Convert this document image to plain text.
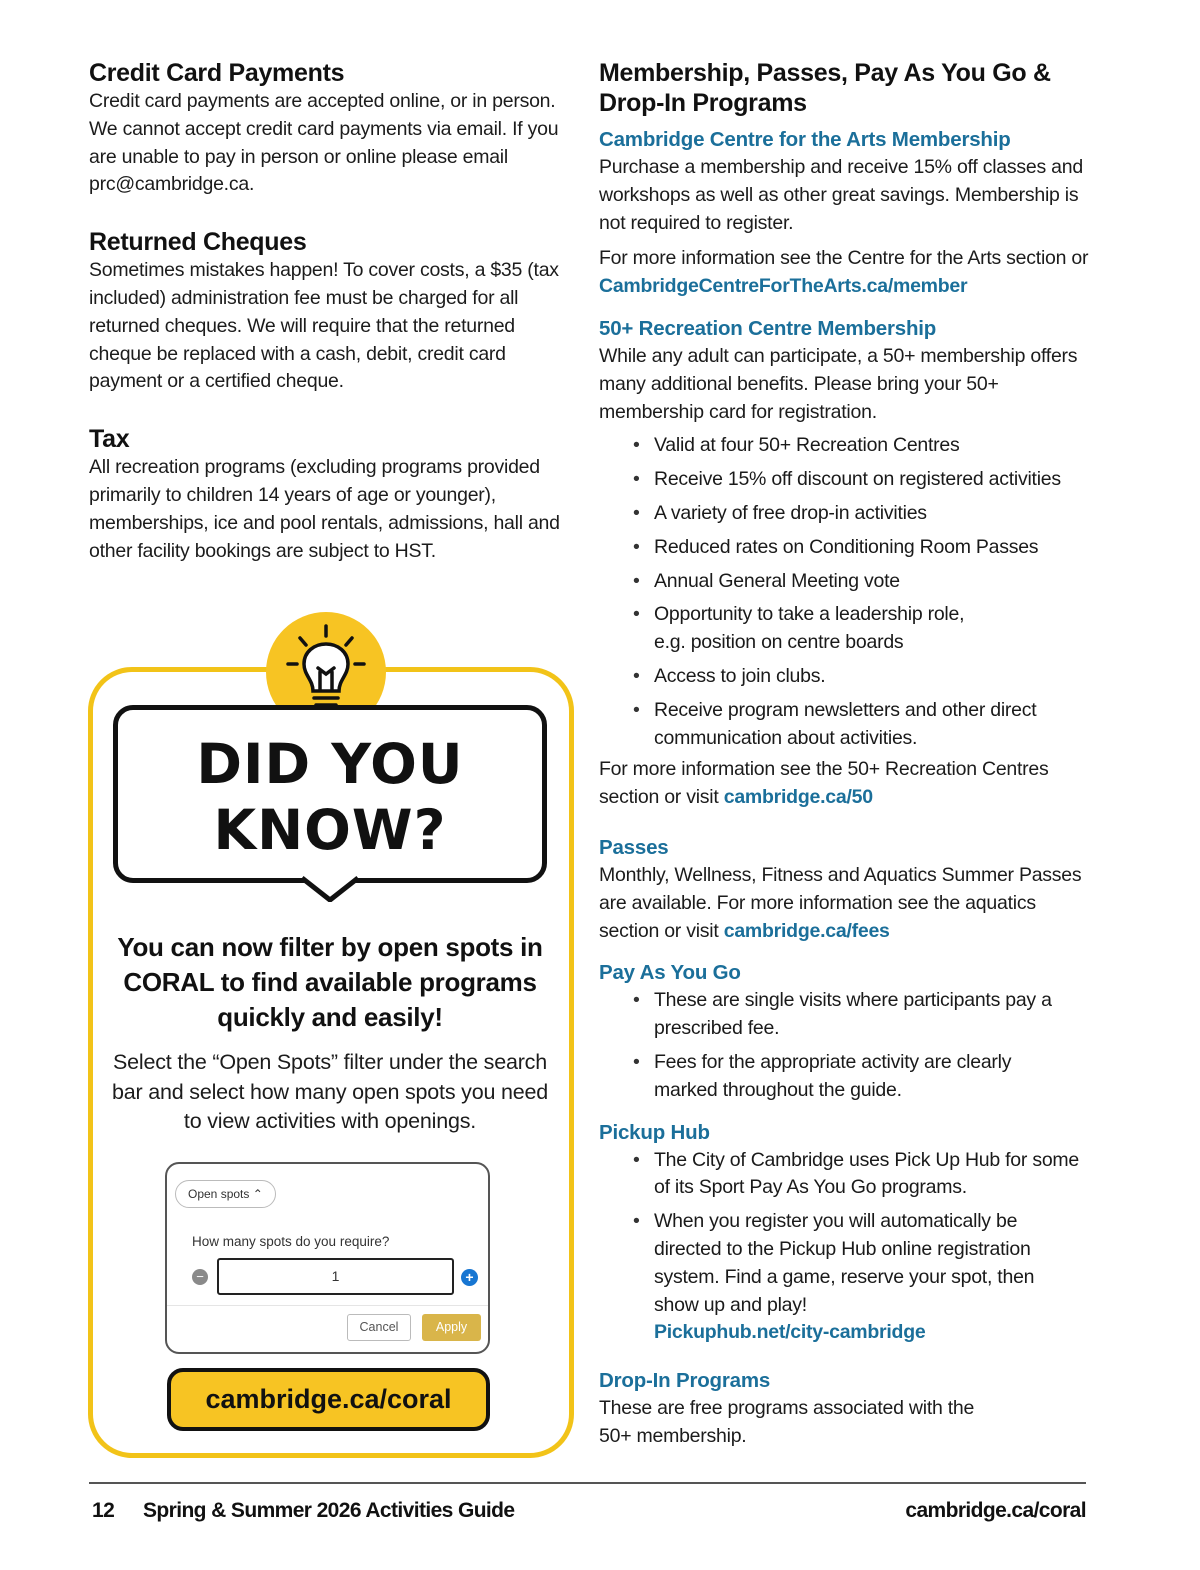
Credit Card Payments

Credit card payments are accepted online, or in person. We cannot accept credit card payments via email. If you are unable to pay in person or online please email prc@cambridge.ca.

Returned Cheques

Sometimes mistakes happen! To cover costs, a $35 (tax included) administration fee must be charged for all returned cheques. We will require that the returned cheque be replaced with a cash, debit, credit card payment or a certified cheque.

Tax

All recreation programs (excluding programs provided primarily to children 14 years of age or younger), memberships, ice and pool rentals, admissions, hall and other facility bookings are subject to HST.

DID YOU
KNOW?
You can now filter by open spots in CORAL to find available programs quickly and easily!
Select the “Open Spots” filter under the search bar and select how many open spots you need to view activities with openings.
Open spots ⌃
How many spots do you require?
−	1	+
Cancel	Apply
cambridge.ca/coral
Membership, Passes, Pay As You Go &
Drop-In Programs
Cambridge Centre for the Arts Membership

Purchase a membership and receive 15% off classes and workshops as well as other great savings. Membership is not required to register.

For more information see the Centre for the Arts section or CambridgeCentreForTheArts.ca/member

50+ Recreation Centre Membership

While any adult can participate, a 50+ membership offers many additional benefits. Please bring your 50+ membership card for registration.

• Valid at four 50+ Recreation Centres
• Receive 15% off discount on registered activities
• A variety of free drop-in activities
• Reduced rates on Conditioning Room Passes
• Annual General Meeting vote
• Opportunity to take a leadership role, e.g. position on centre boards
• Access to join clubs.
• Receive program newsletters and other direct communication about activities.

For more information see the 50+ Recreation Centres section or visit cambridge.ca/50

Passes

Monthly, Wellness, Fitness and Aquatics Summer Passes are available. For more information see the aquatics section or visit cambridge.ca/fees

Pay As You Go
• These are single visits where participants pay a prescribed fee.
• Fees for the appropriate activity are clearly marked throughout the guide.
Pickup Hub
• The City of Cambridge uses Pick Up Hub for some of its Sport Pay As You Go programs.
• When you register you will automatically be directed to the Pickup Hub online registration system. Find a game, reserve your spot, then show up and play!
Pickuphub.net/city-cambridge
Drop-In Programs

These are free programs associated with the 50+ membership.

12 Spring & Summer 2026 Activities Guide	cambridge.ca/coral
